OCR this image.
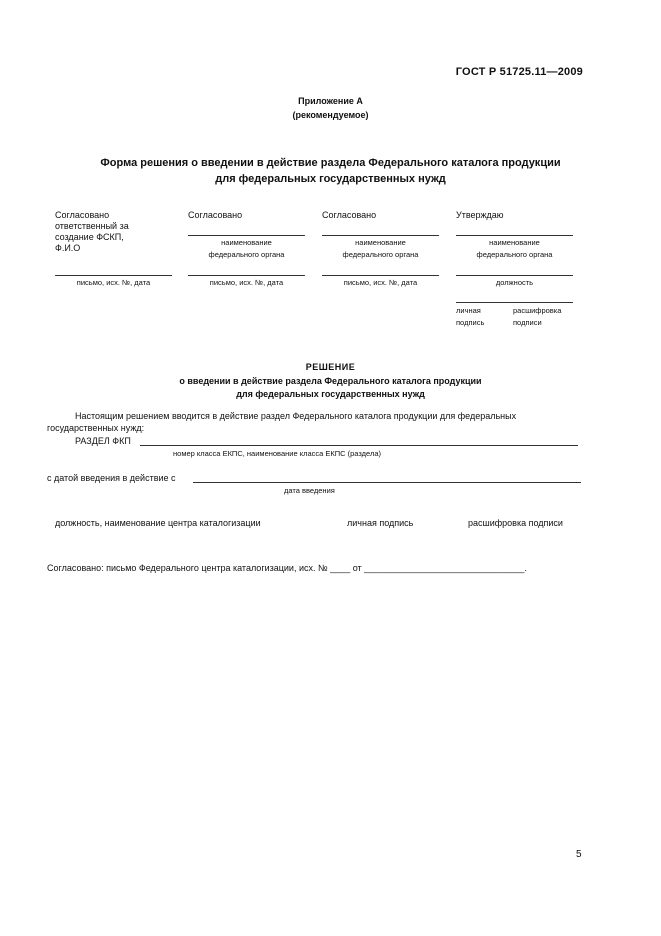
ГОСТ Р 51725.11—2009
Приложение А
(рекомендуемое)
Форма решения о введении в действие раздела Федерального каталога продукции
для федеральных государственных нужд
Согласовано
ответственный за
создание ФСКП,
Ф.И.О
письмо, исх. №, дата
Согласовано
наименование
федерального органа
письмо, исх. №, дата
Согласовано
наименование
федерального органа
письмо, исх. №, дата
Утверждаю
наименование
федерального органа
должность
личная
подпись
расшифровка
подписи
РЕШЕНИЕ
о введении в действие раздела Федерального каталога продукции
для федеральных государственных нужд
Настоящим решением вводится в действие раздел Федерального каталога продукции для федеральных
государственных нужд:
РАЗДЕЛ ФКП
номер класса ЕКПС, наименование класса ЕКПС (раздела)
с датой введения в действие с
дата введения
должность, наименование центра каталогизации	личная подпись	расшифровка подписи
Согласовано: письмо Федерального центра каталогизации, исх. № ____ от ________________________________.
5
